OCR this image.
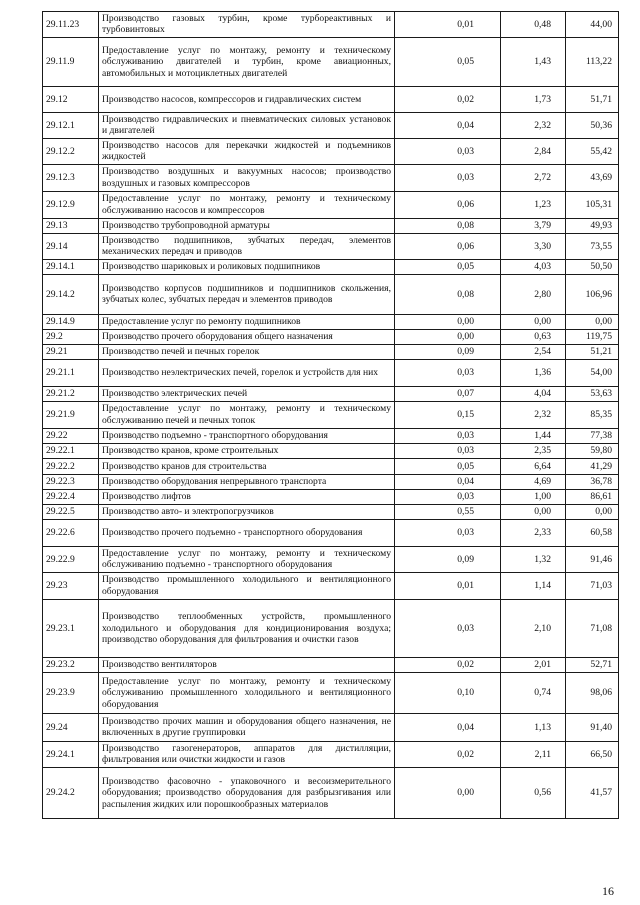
29.11.23	Производство газовых турбин, кроме турбореактивных и турбовинтовых	0,01	0,48	44,00
29.11.9	Предоставление услуг по монтажу, ремонту и техническому обслуживанию двигателей и турбин, кроме авиационных, автомобильных и мотоциклетных двигателей	0,05	1,43	113,22
29.12	Производство насосов, компрессоров и гидравлических систем	0,02	1,73	51,71
29.12.1	Производство гидравлических и пневматических силовых установок и двигателей	0,04	2,32	50,36
29.12.2	Производство насосов для перекачки жидкостей и подъемников жидкостей	0,03	2,84	55,42
29.12.3	Производство воздушных и вакуумных насосов; производство воздушных и газовых компрессоров	0,03	2,72	43,69
29.12.9	Предоставление услуг по монтажу, ремонту и техническому обслуживанию насосов и компрессоров	0,06	1,23	105,31
29.13	Производство трубопроводной арматуры	0,08	3,79	49,93
29.14	Производство подшипников, зубчатых передач, элементов механических передач и приводов	0,06	3,30	73,55
29.14.1	Производство шариковых и роликовых подшипников	0,05	4,03	50,50
29.14.2	Производство корпусов подшипников и подшипников скольжения, зубчатых колес, зубчатых передач и элементов приводов	0,08	2,80	106,96
29.14.9	Предоставление услуг по ремонту подшипников	0,00	0,00	0,00
29.2	Производство прочего оборудования общего назначения	0,00	0,63	119,75
29.21	Производство печей и печных горелок	0,09	2,54	51,21
29.21.1	Производство неэлектрических печей, горелок и устройств для них	0,03	1,36	54,00
29.21.2	Производство электрических печей	0,07	4,04	53,63
29.21.9	Предоставление услуг по монтажу, ремонту и техническому обслуживанию печей и печных топок	0,15	2,32	85,35
29.22	Производство подъемно - транспортного оборудования	0,03	1,44	77,38
29.22.1	Производство кранов, кроме строительных	0,03	2,35	59,80
29.22.2	Производство кранов для строительства	0,05	6,64	41,29
29.22.3	Производство оборудования непрерывного транспорта	0,04	4,69	36,78
29.22.4	Производство лифтов	0,03	1,00	86,61
29.22.5	Производство авто- и электропогрузчиков	0,55	0,00	0,00
29.22.6	Производство прочего подъемно - транспортного оборудования	0,03	2,33	60,58
29.22.9	Предоставление услуг по монтажу, ремонту и техническому обслуживанию подъемно - транспортного оборудования	0,09	1,32	91,46
29.23	Производство промышленного холодильного и вентиляционного оборудования	0,01	1,14	71,03
29.23.1	Производство теплообменных устройств, промышленного холодильного и оборудования для кондиционирования воздуха; производство оборудования для фильтрования и очистки газов	0,03	2,10	71,08
29.23.2	Производство вентиляторов	0,02	2,01	52,71
29.23.9	Предоставление услуг по монтажу, ремонту и техническому обслуживанию промышленного холодильного и вентиляционного оборудования	0,10	0,74	98,06
29.24	Производство прочих машин и оборудования общего назначения, не включенных в другие группировки	0,04	1,13	91,40
29.24.1	Производство газогенераторов, аппаратов для дистилляции, фильтрования или очистки жидкости и газов	0,02	2,11	66,50
29.24.2	Производство фасовочно - упаковочного и весоизмерительного оборудования; производство оборудования для разбрызгивания или распыления жидких или порошкообразных материалов	0,00	0,56	41,57
16
